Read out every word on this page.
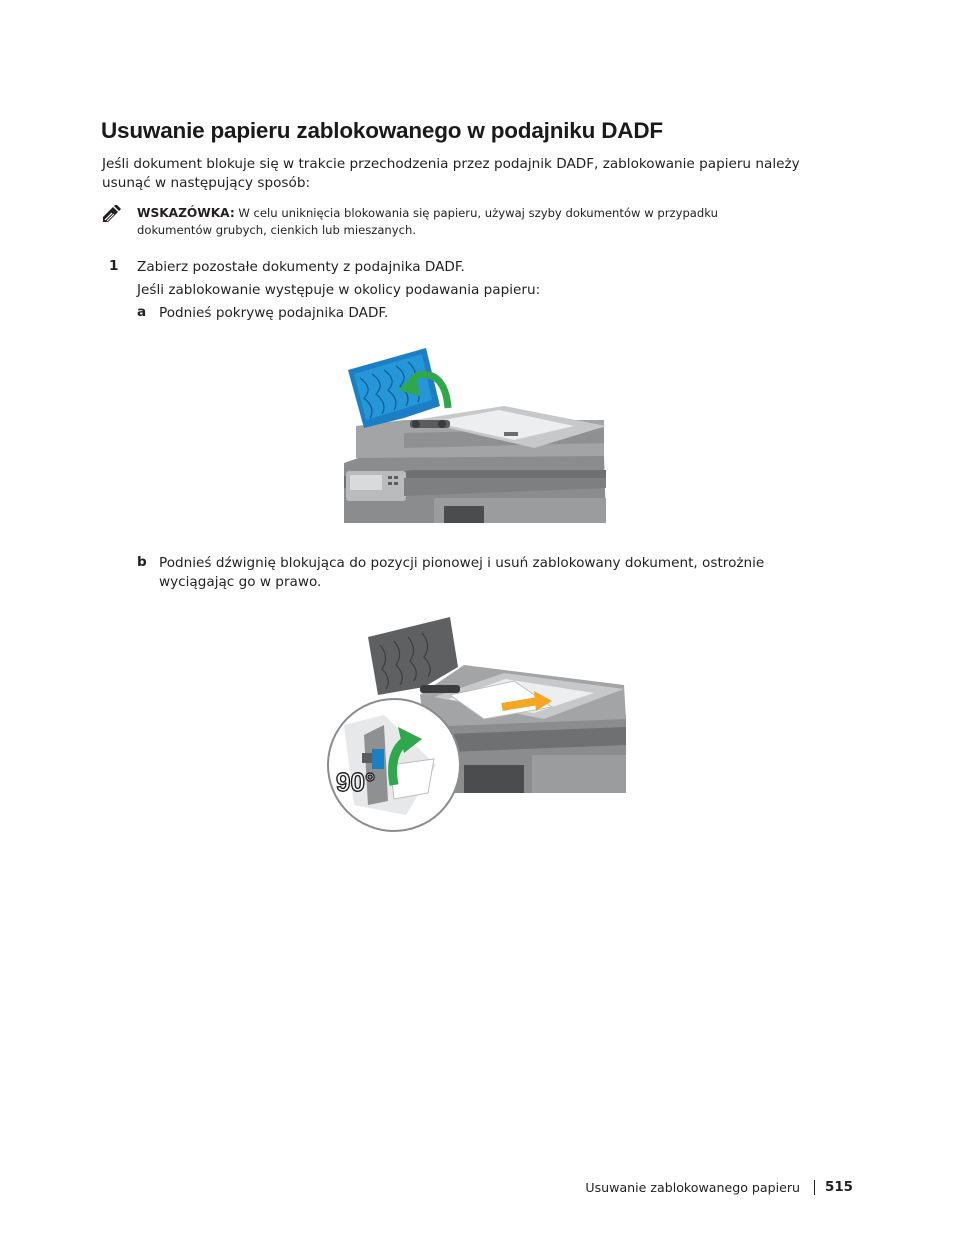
Usuwanie papieru zablokowanego w podajniku DADF
Jeśli dokument blokuje się w trakcie przechodzenia przez podajnik DADF, zablokowanie papieru należy
usunąć w następujący sposób:

WSKAZÓWKA: W celu uniknięcia blokowania się papieru, używaj szyby dokumentów w przypadku
dokumentów grubych, cienkich lub mieszanych.

1 Zabierz pozostałe dokumenty z podajnika DADF.

Jeśli zablokowanie występuje w okolicy podawania papieru:

a Podnieś pokrywę podajnika DADF.

b Podnieś dźwignię blokująca do pozycji pionowej i usuń zablokowany dokument, ostrożnie

wyciągając go w prawo.

90°
Usuwanie zablokowanego papieru 515
